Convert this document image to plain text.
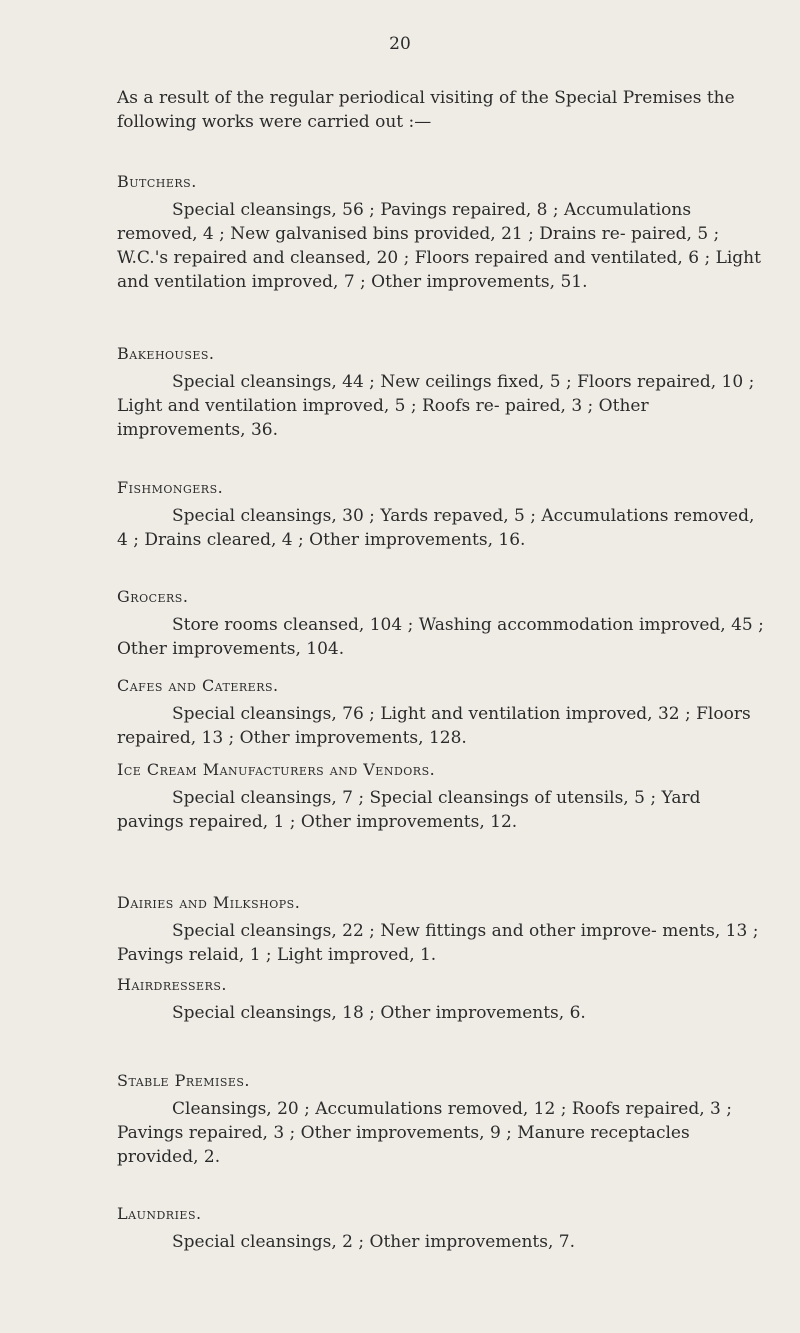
20

As a result of the regular periodical visiting of the Special Premises the following works were carried out :—

Butchers.

Special cleansings, 56 ; Pavings repaired, 8 ; Accumulations removed, 4 ; New galvanised bins provided, 21 ; Drains re- paired, 5 ; W.C.'s repaired and cleansed, 20 ; Floors repaired and ventilated, 6 ; Light and ventilation improved, 7 ; Other improvements, 51.

Bakehouses.

Special cleansings, 44 ; New ceilings fixed, 5 ; Floors repaired, 10 ; Light and ventilation improved, 5 ; Roofs re- paired, 3 ; Other improvements, 36.

Fishmongers.

Special cleansings, 30 ; Yards repaved, 5 ; Accumulations removed, 4 ; Drains cleared, 4 ; Other improvements, 16.

Grocers.

Store rooms cleansed, 104 ; Washing accommodation improved, 45 ; Other improvements, 104.

Cafes and Caterers.

Special cleansings, 76 ; Light and ventilation improved, 32 ; Floors repaired, 13 ; Other improvements, 128.

Ice Cream Manufacturers and Vendors.

Special cleansings, 7 ; Special cleansings of utensils, 5 ; Yard pavings repaired, 1 ; Other improvements, 12.

Dairies and Milkshops.

Special cleansings, 22 ; New fittings and other improve- ments, 13 ; Pavings relaid, 1 ; Light improved, 1.

Hairdressers.

Special cleansings, 18 ; Other improvements, 6.

Stable Premises.

Cleansings, 20 ; Accumulations removed, 12 ; Roofs repaired, 3 ; Pavings repaired, 3 ; Other improvements, 9 ; Manure receptacles provided, 2.

Laundries.

Special cleansings, 2 ; Other improvements, 7.
